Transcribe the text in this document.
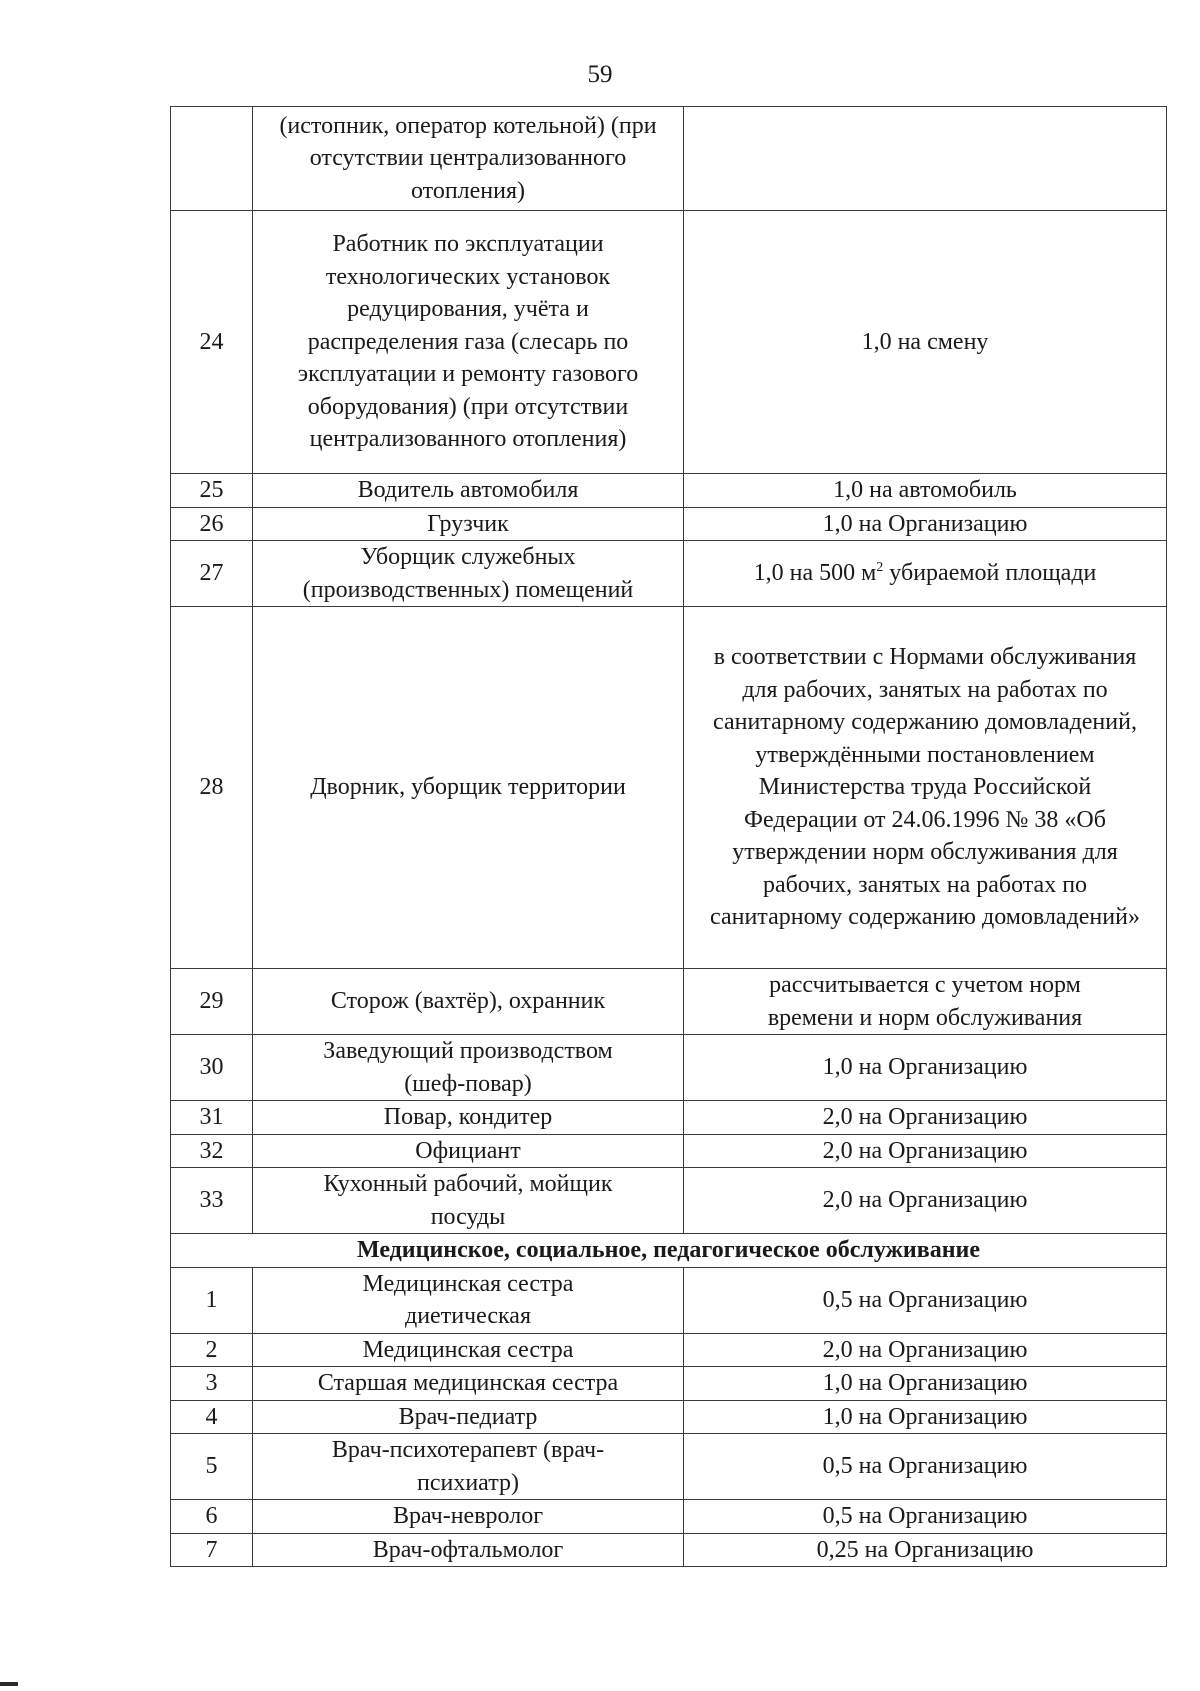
59
	(истопник, оператор котельной) (при отсутствии централизованного отопления)	
24	Работник по эксплуатации технологических установок редуцирования, учёта и распределения газа (слесарь по эксплуатации и ремонту газового оборудования) (при отсутствии централизованного отопления)	1,0 на смену
25	Водитель автомобиля	1,0 на автомобиль
26	Грузчик	1,0 на Организацию
27	Уборщик служебных (производственных) помещений	1,0 на 500 $м^2$ убираемой площади
28	Дворник, уборщик территории	в соответствии с Нормами обслуживания для рабочих, занятых на работах по санитарному содержанию домовладений, утверждёнными постановлением Министерства труда Российской Федерации от 24.06.1996 № 38 «Об утверждении норм обслуживания для рабочих, занятых на работах по санитарному содержанию домовладений»
29	Сторож (вахтёр), охранник	рассчитывается с учетом норм времени и норм обслуживания
30	Заведующий производством (шеф-повар)	1,0 на Организацию
31	Повар, кондитер	2,0 на Организацию
32	Официант	2,0 на Организацию
33	Кухонный рабочий, мойщик посуды	2,0 на Организацию
Медицинское, социальное, педагогическое обслуживание		
1	Медицинская сестра диетическая	0,5 на Организацию
2	Медицинская сестра	2,0 на Организацию
3	Старшая медицинская сестра	1,0 на Организацию
4	Врач-педиатр	1,0 на Организацию
5	Врач-психотерапевт (врач-психиатр)	0,5 на Организацию
6	Врач-невролог	0,5 на Организацию
7	Врач-офтальмолог	0,25 на Организацию
